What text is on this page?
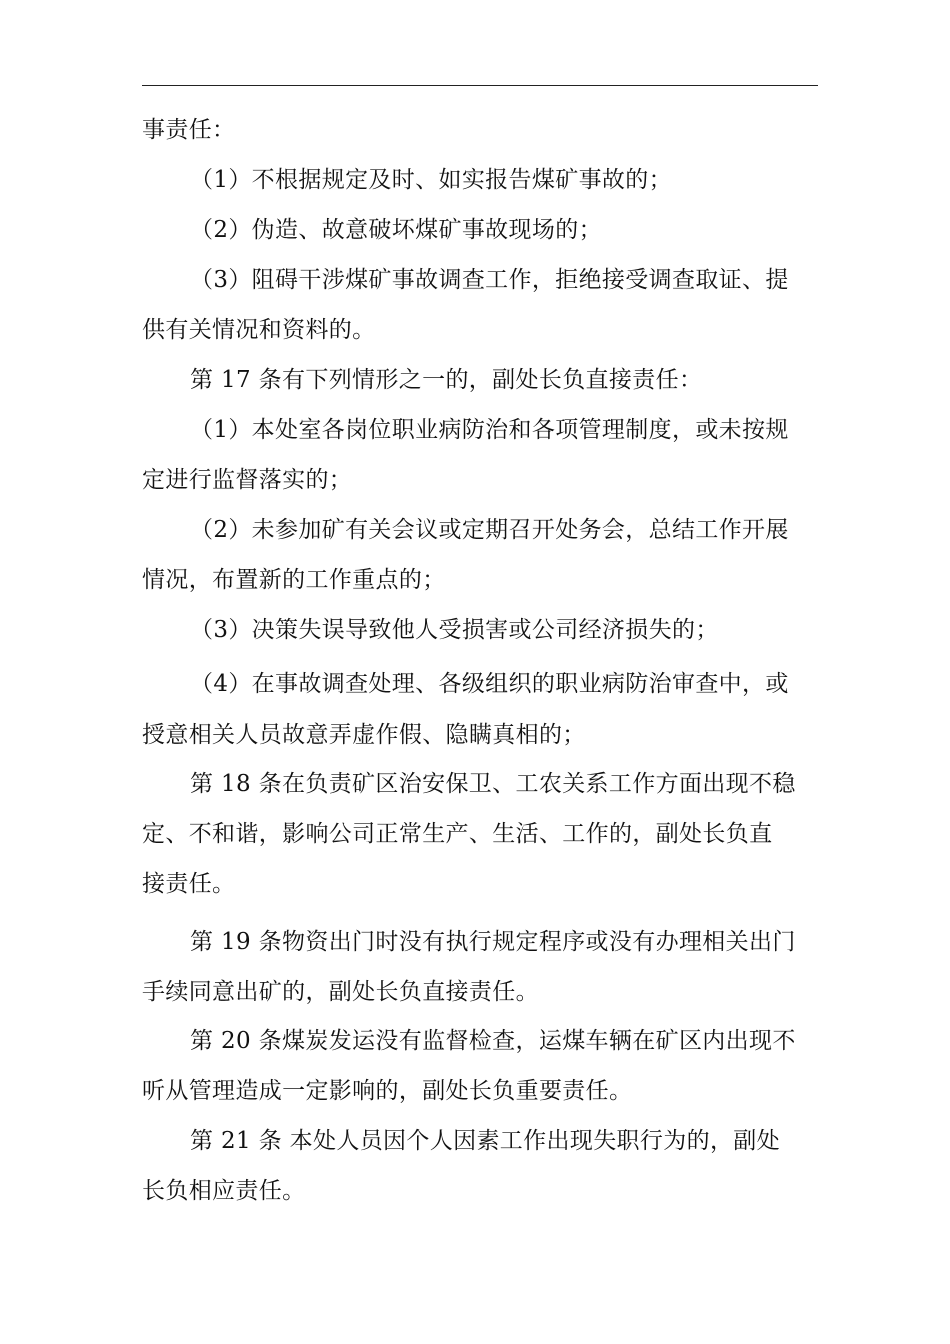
事责任：
（1）不根据规定及时、如实报告煤矿事故的；
（2）伪造、故意破坏煤矿事故现场的；
（3）阻碍干涉煤矿事故调查工作，拒绝接受调查取证、提
供有关情况和资料的。
第 17 条有下列情形之一的，副处长负直接责任：
（1）本处室各岗位职业病防治和各项管理制度，或未按规
定进行监督落实的；
（2）未参加矿有关会议或定期召开处务会，总结工作开展
情况，布置新的工作重点的；
（3）决策失误导致他人受损害或公司经济损失的；
（4）在事故调查处理、各级组织的职业病防治审查中，或
授意相关人员故意弄虚作假、隐瞒真相的；
第 18 条在负责矿区治安保卫、工农关系工作方面出现不稳
定、不和谐，影响公司正常生产、生活、工作的，副处长负直
接责任。
第 19 条物资出门时没有执行规定程序或没有办理相关出门
手续同意出矿的，副处长负直接责任。
第 20 条煤炭发运没有监督检查，运煤车辆在矿区内出现不
听从管理造成一定影响的，副处长负重要责任。
第 21 条 本处人员因个人因素工作出现失职行为的，副处
长负相应责任。
